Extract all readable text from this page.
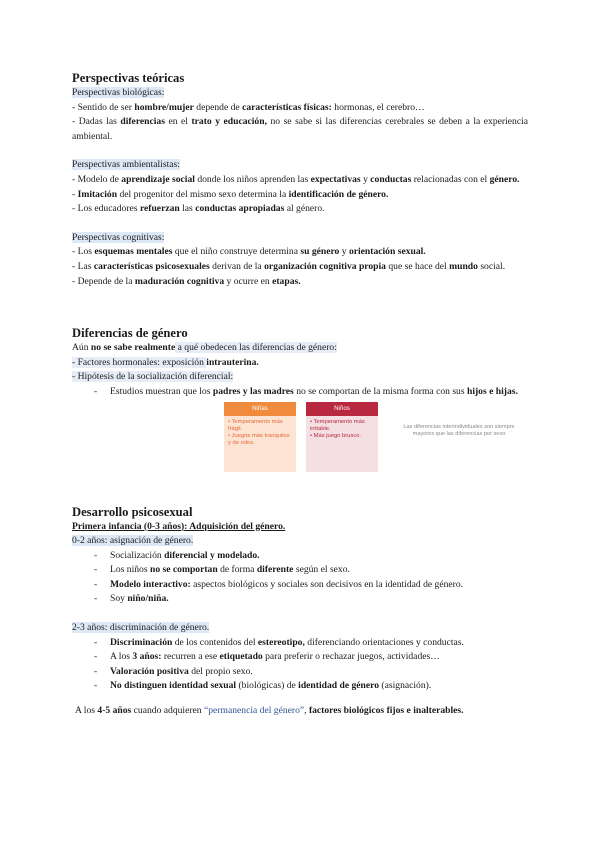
Perspectivas teóricas

Perspectivas biológicas:

- Sentido de ser hombre/mujer depende de características físicas: hormonas, el cerebro…

- Dadas las diferencias en el trato y educación, no se sabe si las diferencias cerebrales se deben a la experiencia ambiental.

Perspectivas ambientalistas:

- Modelo de aprendizaje social donde los niños aprenden las expectativas y conductas relacionadas con el género.

- Imitación del progenitor del mismo sexo determina la identificación de género.

- Los educadores refuerzan las conductas apropiadas al género.

Perspectivas cognitivas:

- Los esquemas mentales que el niño construye determina su género y orientación sexual.

- Las características psicosexuales derivan de la organización cognitiva propia que se hace del mundo social.

- Depende de la maduración cognitiva y ocurre en etapas.

Diferencias de género

Aún no se sabe realmente a qué obedecen las diferencias de género:

- Factores hormonales: exposición intrauterina.

- Hipótesis de la socialización diferencial:

- Estudios muestran que los padres y las madres no se comportan de la misma forma con sus hijos e hijas.
Niñas
• Temperamento más frágil.
• Juegos más tranquilos y de roles.
Niños
• Temperamento más irritable.
• Más juego brusco.
Las diferencias interindividuales son siempre mayores que las diferencias por sexo
Desarrollo psicosexual

Primera infancia (0-3 años): Adquisición del género.

0-2 años: asignación de género.

- Socialización diferencial y modelado.
- Los niños no se comportan de forma diferente según el sexo.
- Modelo interactivo: aspectos biológicos y sociales son decisivos en la identidad de género.
- Soy niño/niña.

2-3 años: discriminación de género.

- Discriminación de los contenidos del estereotipo, diferenciando orientaciones y conductas.
- A los 3 años: recurren a ese etiquetado para preferir o rechazar juegos, actividades…
- Valoración positiva del propio sexo.
- No distinguen identidad sexual (biológicas) de identidad de género (asignación).

A los 4-5 años cuando adquieren “permanencia del género”, factores biológicos fijos e inalterables.
